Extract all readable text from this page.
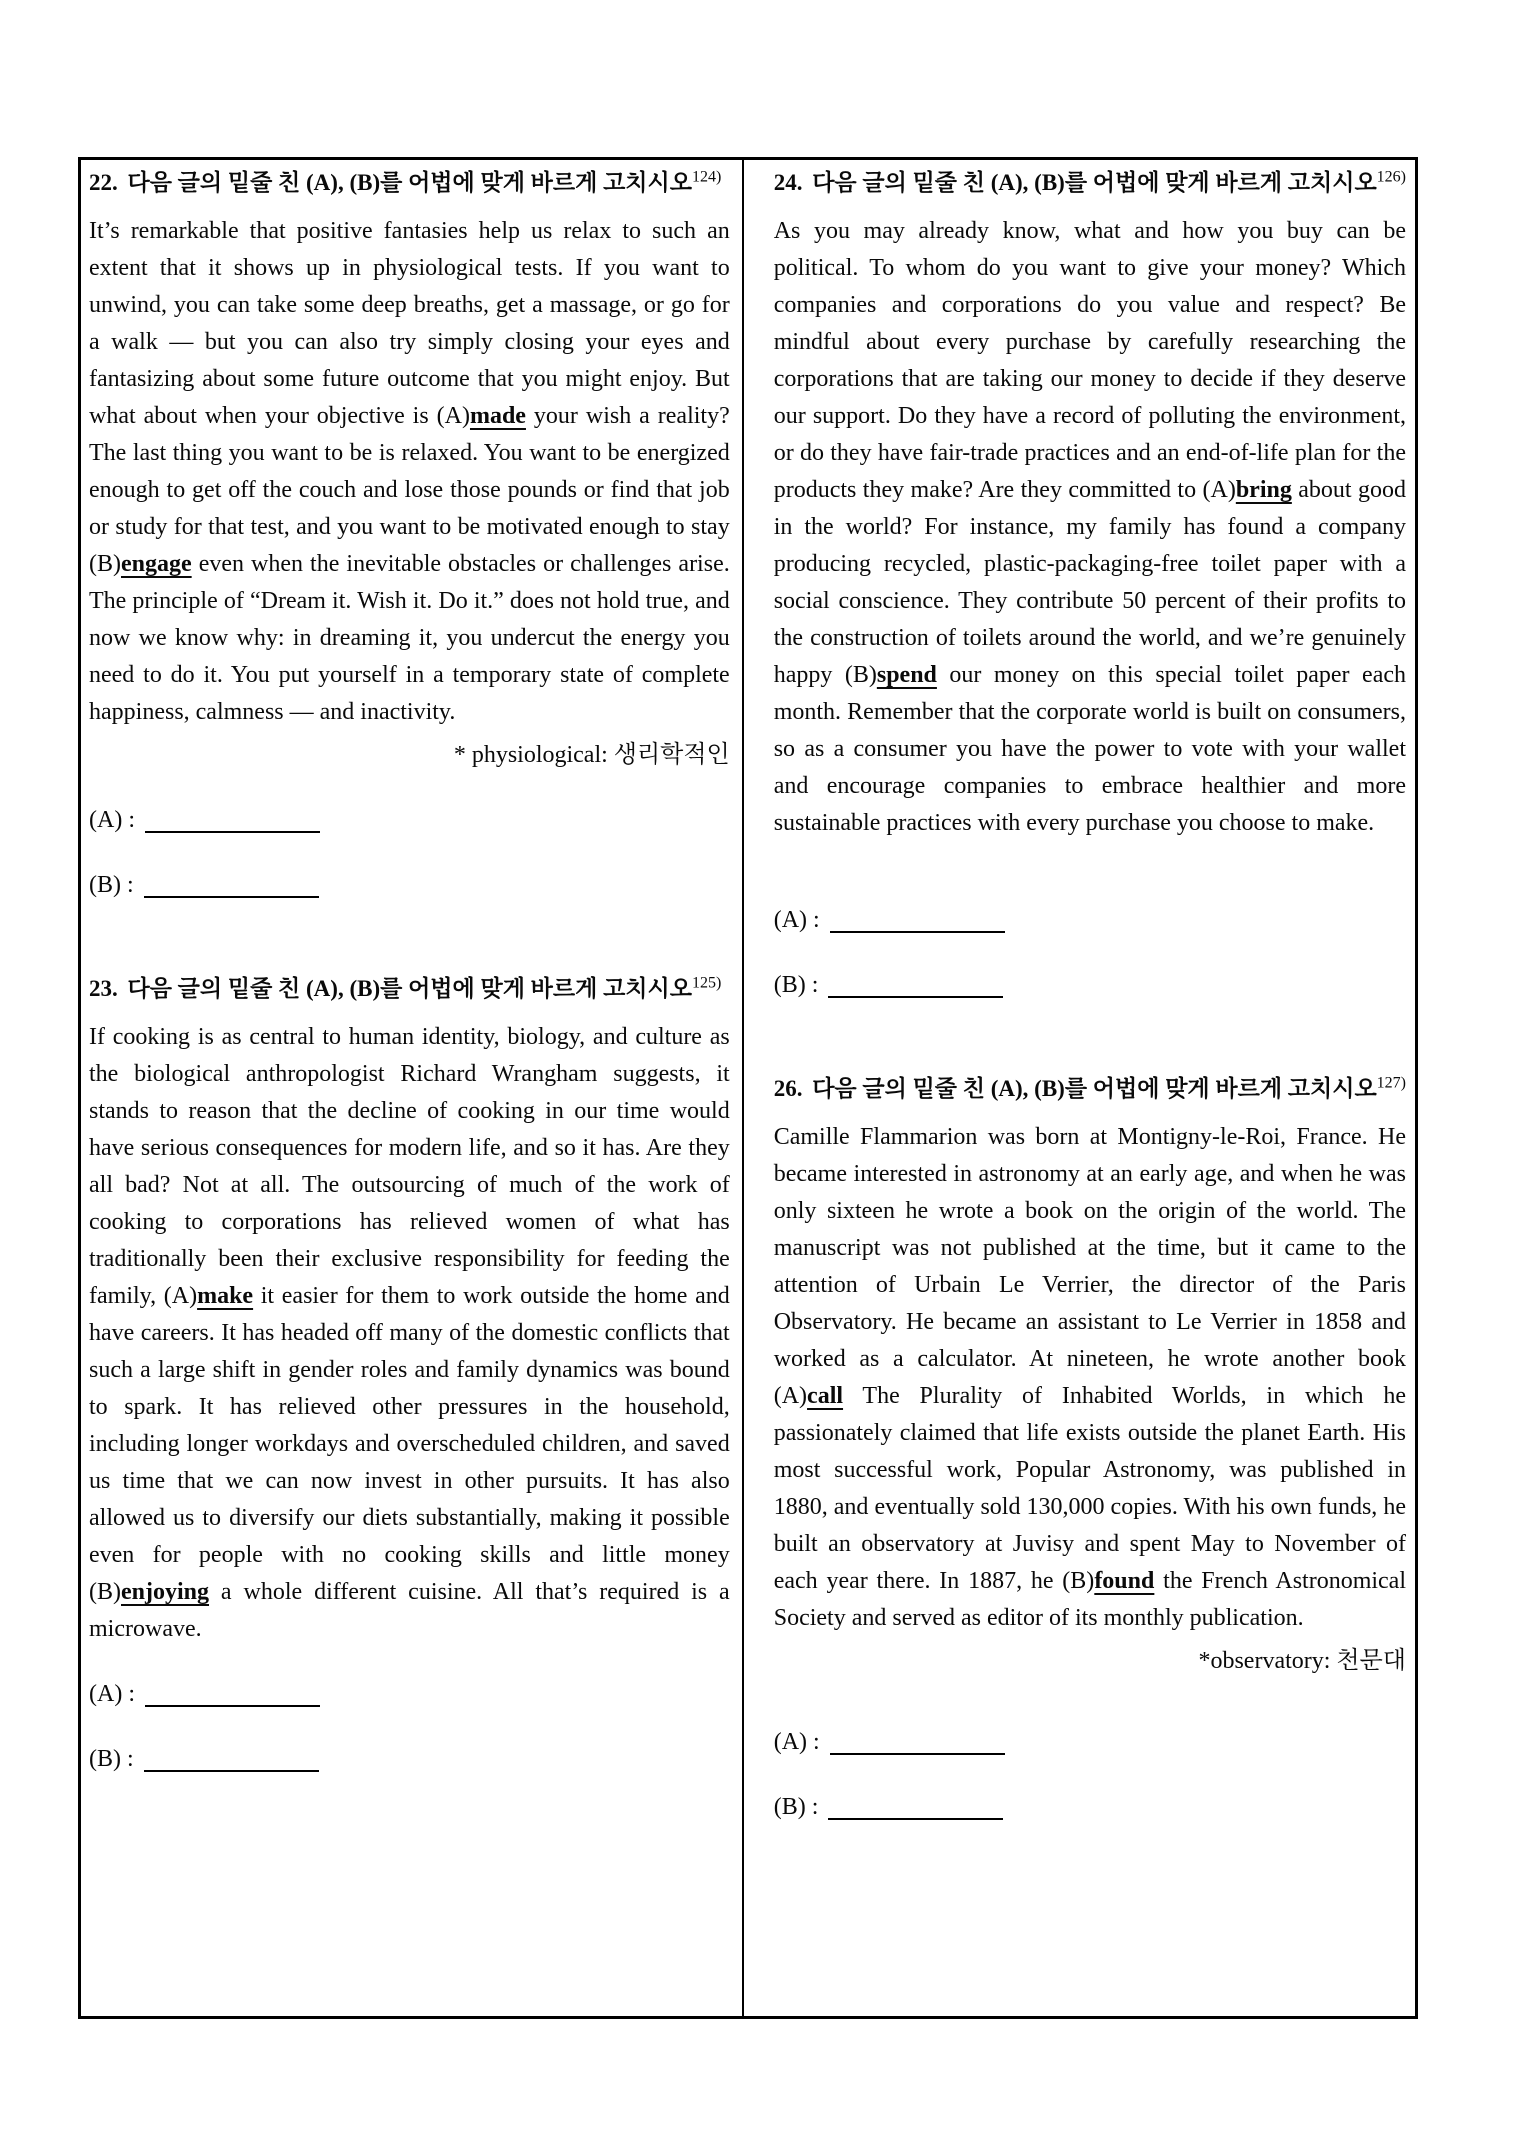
22. 다음 글의 밑줄 친 (A), (B)를 어법에 맞게 바르게 고치시오$^{124)}$
It’s remarkable that positive fantasies help us relax to such an extent that it shows up in physiological tests. If you want to unwind, you can take some deep breaths, get a massage, or go for a walk — but you can also try simply closing your eyes and fantasizing about some future outcome that you might enjoy. But what about when your objective is (A)made your wish a reality? The last thing you want to be is relaxed. You want to be energized enough to get off the couch and lose those pounds or find that job or study for that test, and you want to be motivated enough to stay (B)engage even when the inevitable obstacles or challenges arise. The principle of “Dream it. Wish it. Do it.” does not hold true, and now we know why: in dreaming it, you undercut the energy you need to do it. You put yourself in a temporary state of complete happiness, calmness — and inactivity.
* physiological: 생리학적인
(A) :
(B) :
23. 다음 글의 밑줄 친 (A), (B)를 어법에 맞게 바르게 고치시오$^{125)}$
If cooking is as central to human identity, biology, and culture as the biological anthropologist Richard Wrangham suggests, it stands to reason that the decline of cooking in our time would have serious consequences for modern life, and so it has. Are they all bad? Not at all. The outsourcing of much of the work of cooking to corporations has relieved women of what has traditionally been their exclusive responsibility for feeding the family, (A)make it easier for them to work outside the home and have careers. It has headed off many of the domestic conflicts that such a large shift in gender roles and family dynamics was bound to spark. It has relieved other pressures in the household, including longer workdays and overscheduled children, and saved us time that we can now invest in other pursuits. It has also allowed us to diversify our diets substantially, making it possible even for people with no cooking skills and little money (B)enjoying a whole different cuisine. All that’s required is a microwave.
(A) :
(B) :
24. 다음 글의 밑줄 친 (A), (B)를 어법에 맞게 바르게 고치시오$^{126)}$
As you may already know, what and how you buy can be political. To whom do you want to give your money? Which companies and corporations do you value and respect? Be mindful about every purchase by carefully researching the corporations that are taking our money to decide if they deserve our support. Do they have a record of polluting the environment, or do they have fair-trade practices and an end-of-life plan for the products they make? Are they committed to (A)bring about good in the world? For instance, my family has found a company producing recycled, plastic-packaging-free toilet paper with a social conscience. They contribute 50 percent of their profits to the construction of toilets around the world, and we’re genuinely happy (B)spend our money on this special toilet paper each month. Remember that the corporate world is built on consumers, so as a consumer you have the power to vote with your wallet and encourage companies to embrace healthier and more sustainable practices with every purchase you choose to make.
(A) :
(B) :
26. 다음 글의 밑줄 친 (A), (B)를 어법에 맞게 바르게 고치시오$^{127)}$
Camille Flammarion was born at Montigny-le-Roi, France. He became interested in astronomy at an early age, and when he was only sixteen he wrote a book on the origin of the world. The manuscript was not published at the time, but it came to the attention of Urbain Le Verrier, the director of the Paris Observatory. He became an assistant to Le Verrier in 1858 and worked as a calculator. At nineteen, he wrote another book (A)call The Plurality of Inhabited Worlds, in which he passionately claimed that life exists outside the planet Earth. His most successful work, Popular Astronomy, was published in 1880, and eventually sold 130,000 copies. With his own funds, he built an observatory at Juvisy and spent May to November of each year there. In 1887, he (B)found the French Astronomical Society and served as editor of its monthly publication.
*observatory: 천문대
(A) :
(B) :
